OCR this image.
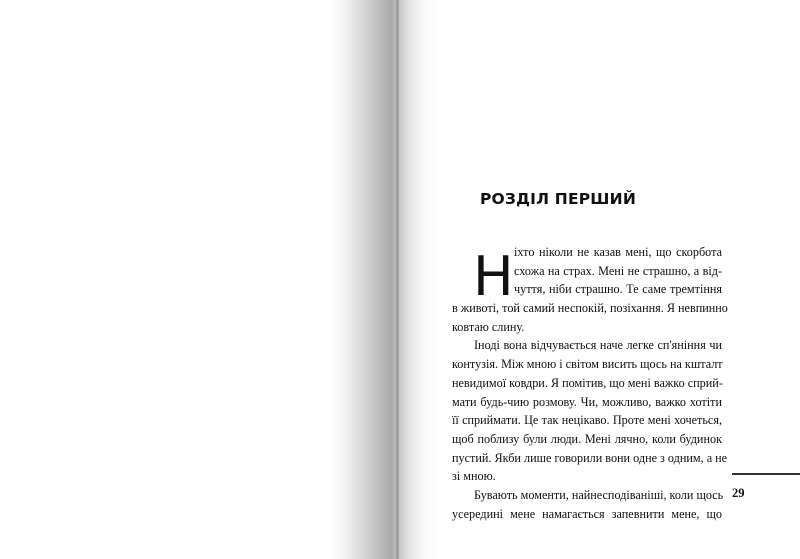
РОЗДІЛ ПЕРШИЙ
Н іхто ніколи не казав мені, що скорбота
схожа на страх. Мені не страшно, а від-
чуття, ніби страшно. Те саме тремтіння
в животі, той самий неспокій, позіхання. Я невпинно
ковтаю слину.
Іноді вона відчувається наче легке сп'яніння чи
контузія. Між мною і світом висить щось на кшталт
невидимої ковдри. Я помітив, що мені важко сприй-
мати будь-чию розмову. Чи, можливо, важко хотіти
її сприймати. Це так нецікаво. Проте мені хочеться,
щоб поблизу були люди. Мені лячно, коли будинок
пустий. Якби лише говорили вони одне з одним, а не
зі мною.
Бувають моменти, найнесподіваніші, коли щось
усередині мене намагається запевнити мене, що
29
